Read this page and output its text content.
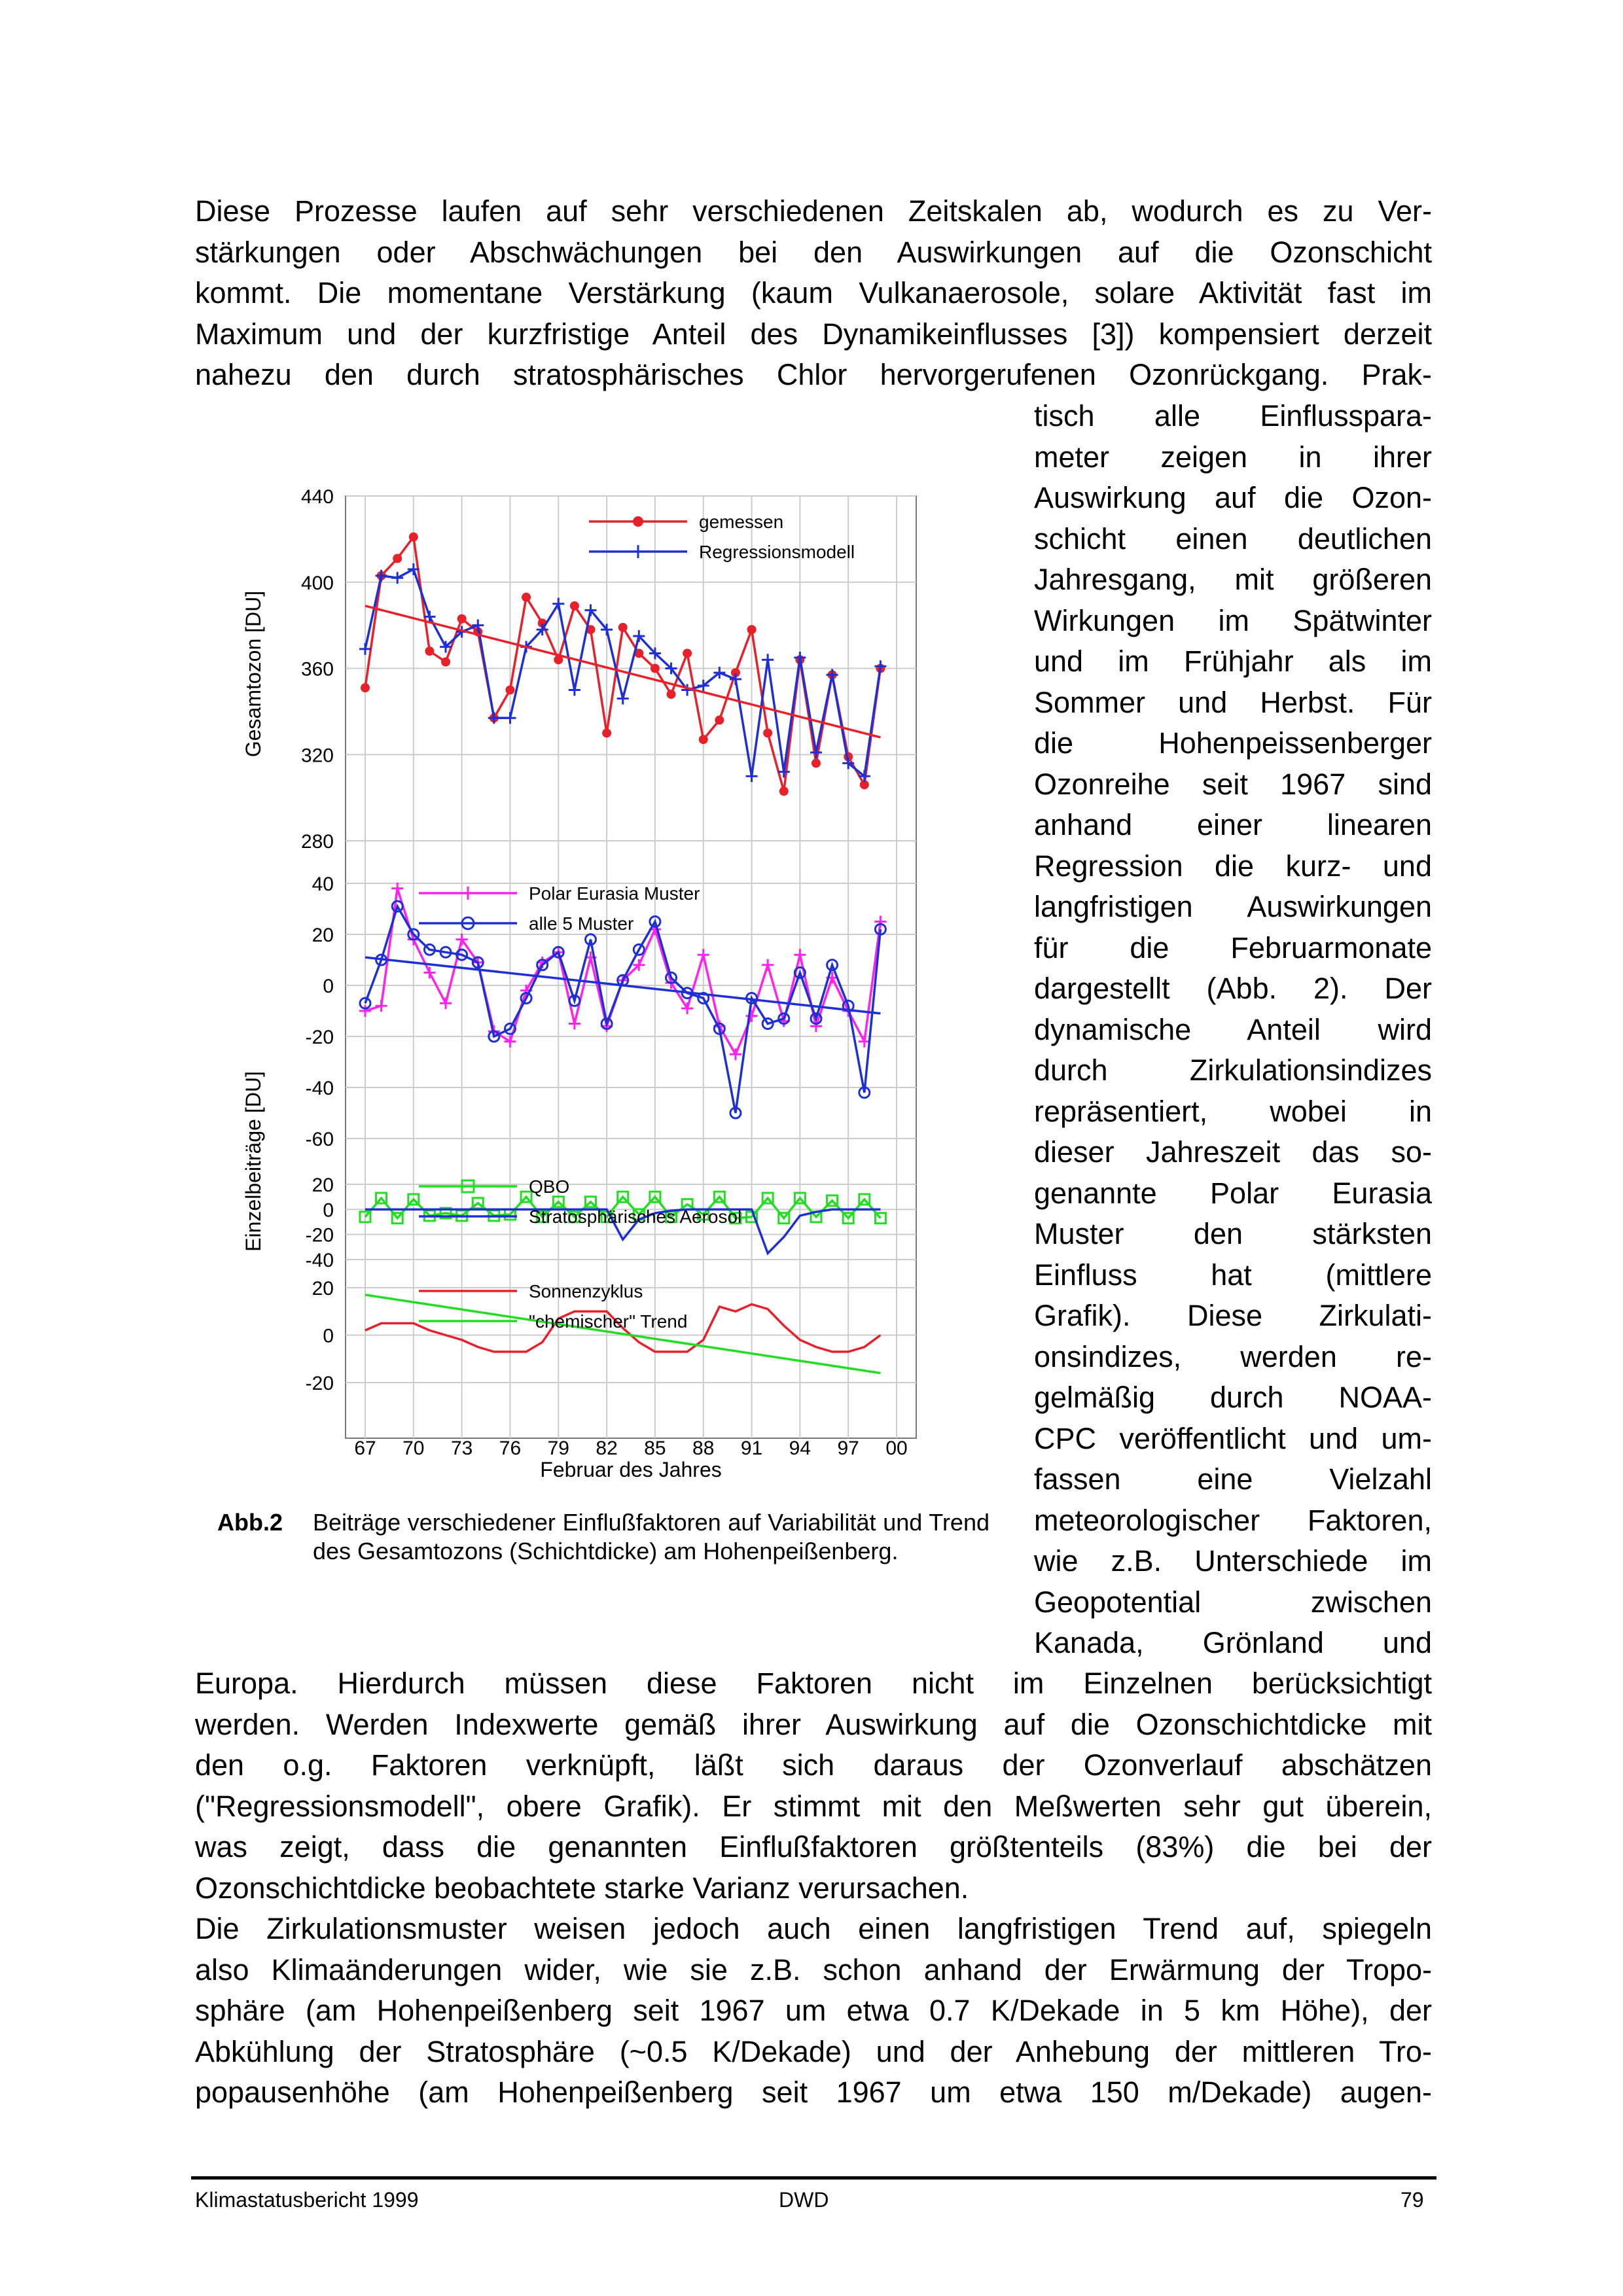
Diese Prozesse laufen auf sehr verschiedenen Zeitskalen ab, wodurch es zu Ver-
stärkungen oder Abschwächungen bei den Auswirkungen auf die Ozonschicht
kommt. Die momentane Verstärkung (kaum Vulkanaerosole, solare Aktivität fast im
Maximum und der kurzfristige Anteil des Dynamikeinflusses [3]) kompensiert derzeit
nahezu den durch stratosphärisches Chlor hervorgerufenen Ozonrückgang. Prak-
tisch alle Einflusspara-
meter zeigen in ihrer
Auswirkung auf die Ozon-
schicht einen deutlichen
Jahresgang, mit größeren
Wirkungen im Spätwinter
und im Frühjahr als im
Sommer und Herbst. Für
die Hohenpeissenberger
Ozonreihe seit 1967 sind
anhand einer linearen
Regression die kurz- und
langfristigen Auswirkungen
für die Februarmonate
dargestellt (Abb. 2). Der
dynamische Anteil wird
durch Zirkulationsindizes
repräsentiert, wobei in
dieser Jahreszeit das so-
genannte Polar Eurasia
Muster den stärksten
Einfluss hat (mittlere
Grafik). Diese Zirkulati-
onsindizes, werden re-
gelmäßig durch NOAA-
CPC veröffentlicht und um-
fassen eine Vielzahl
meteorologischer Faktoren,
wie z.B. Unterschiede im
Geopotential zwischen
Kanada, Grönland und
Europa. Hierdurch müssen diese Faktoren nicht im Einzelnen berücksichtigt
werden. Werden Indexwerte gemäß ihrer Auswirkung auf die Ozonschichtdicke mit
den o.g. Faktoren verknüpft, läßt sich daraus der Ozonverlauf abschätzen
("Regressionsmodell", obere Grafik). Er stimmt mit den Meßwerten sehr gut überein,
was zeigt, dass die genannten Einflußfaktoren größtenteils (83%) die bei der
Ozonschichtdicke beobachtete starke Varianz verursachen.
Die Zirkulationsmuster weisen jedoch auch einen langfristigen Trend auf, spiegeln
also Klimaänderungen wider, wie sie z.B. schon anhand der Erwärmung der Tropo-
sphäre (am Hohenpeißenberg seit 1967 um etwa 0.7 K/Dekade in 5 km Höhe), der
Abkühlung der Stratosphäre (~0.5 K/Dekade) und der Anhebung der mittleren Tro-
popausenhöhe (am Hohenpeißenberg seit 1967 um etwa 150 m/Dekade) augen-
67 70 73 76 79 82 85 88 91 94 97 00
440
400
360
320
280
40
20
0
-20
-40
-60
20
0
-20
-40
20
0
-20
gemessen
Regressionsmodell
Polar Eurasia Muster
alle 5 Muster
QBO
Stratosphärisches Aerosol
Sonnenzyklus
"chemischer" Trend
Gesamtozon [DU]
Einzelbeiträge [DU]
Februar des Jahres
Abb.2 Beiträge verschiedener Einflußfaktoren auf Variabilität und Trend des Gesamtozons (Schichtdicke) am Hohenpeißenberg.
Klimastatusbericht 1999	DWD	79
